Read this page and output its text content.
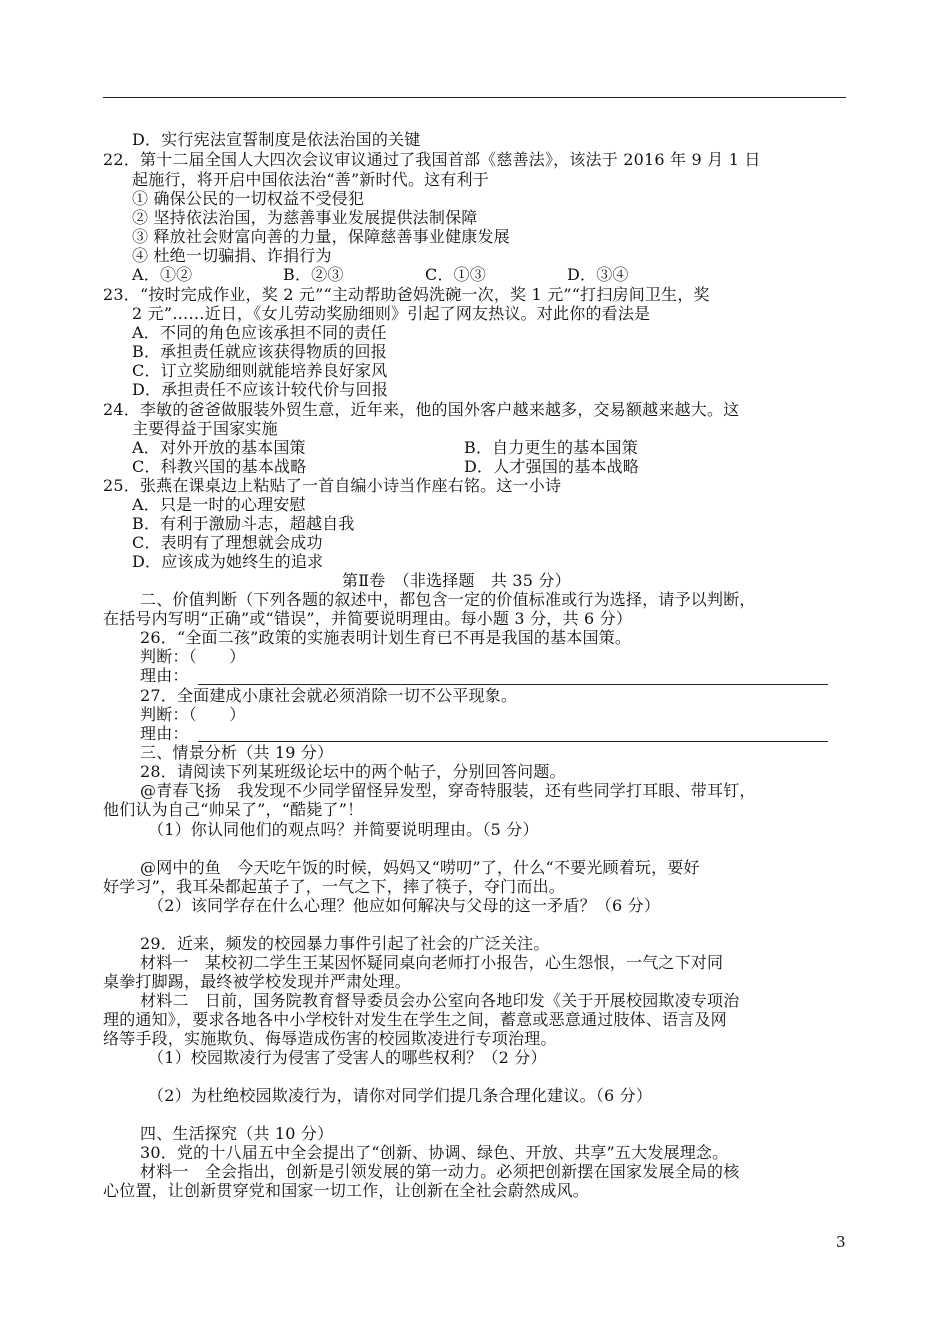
D．实行宪法宣誓制度是依法治国的关键
22．第十二届全国人大四次会议审议通过了我国首部《慈善法》，该法于 2016 年 9 月 1 日
起施行，将开启中国依法治“善”新时代。这有利于
① 确保公民的一切权益不受侵犯
② 坚持依法治国，为慈善事业发展提供法制保障
③ 释放社会财富向善的力量，保障慈善事业健康发展
④ 杜绝一切骗捐、诈捐行为
A．①②	B．②③	C．①③	D．③④
23．“按时完成作业，奖 2 元”“主动帮助爸妈洗碗一次，奖 1 元”“打扫房间卫生，奖
2 元”……近日，《女儿劳动奖励细则》引起了网友热议。对此你的看法是
A．不同的角色应该承担不同的责任
B．承担责任就应该获得物质的回报
C．订立奖励细则就能培养良好家风
D．承担责任不应该计较代价与回报
24．李敏的爸爸做服装外贸生意，近年来，他的国外客户越来越多，交易额越来越大。这
主要得益于国家实施
A．对外开放的基本国策	B．自力更生的基本国策
C．科教兴国的基本战略	D．人才强国的基本战略
25．张燕在课桌边上粘贴了一首自编小诗当作座右铭。这一小诗
A．只是一时的心理安慰
B．有利于激励斗志，超越自我
C．表明有了理想就会成功
D．应该成为她终生的追求
第Ⅱ卷　（非选择题　共 35 分）
二、价值判断（下列各题的叙述中，都包含一定的价值标准或行为选择，请予以判断，
在括号内写明“正确”或“错误”，并简要说明理由。每小题 3 分，共 6 分）
26．“全面二孩”政策的实施表明计划生育已不再是我国的基本国策。
判断：（　　）
理由：
27．全面建成小康社会就必须消除一切不公平现象。
判断：（　　）
理由：
三、情景分析（共 19 分）
28．请阅读下列某班级论坛中的两个帖子，分别回答问题。
@青春飞扬　我发现不少同学留怪异发型，穿奇特服装，还有些同学打耳眼、带耳钉，
他们认为自己“帅呆了”，“酷毙了”！
（1）你认同他们的观点吗？并简要说明理由。（5 分）
@网中的鱼　今天吃午饭的时候，妈妈又“唠叨”了，什么“不要光顾着玩，要好
好学习”，我耳朵都起茧子了，一气之下，摔了筷子，夺门而出。
（2）该同学存在什么心理？他应如何解决与父母的这一矛盾？（6 分）
29．近来，频发的校园暴力事件引起了社会的广泛关注。
材料一　某校初二学生王某因怀疑同桌向老师打小报告，心生怨恨，一气之下对同
桌拳打脚踢，最终被学校发现并严肃处理。
材料二　日前，国务院教育督导委员会办公室向各地印发《关于开展校园欺凌专项治
理的通知》，要求各地各中小学校针对发生在学生之间，蓄意或恶意通过肢体、语言及网
络等手段，实施欺负、侮辱造成伤害的校园欺凌进行专项治理。
（1）校园欺凌行为侵害了受害人的哪些权利？（2 分）
（2）为杜绝校园欺凌行为，请你对同学们提几条合理化建议。（6 分）
四、生活探究（共 10 分）
30．党的十八届五中全会提出了“创新、协调、绿色、开放、共享”五大发展理念。
材料一　全会指出，创新是引领发展的第一动力。必须把创新摆在国家发展全局的核
心位置，让创新贯穿党和国家一切工作，让创新在全社会蔚然成风。
3
